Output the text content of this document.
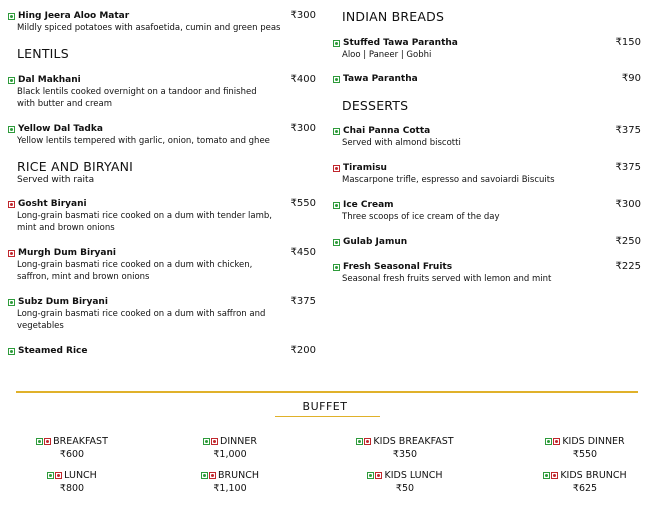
Hing Jeera Aloo Matar	₹300
Mildly spiced potatoes with asafoetida, cumin and green peas
LENTILS
Dal Makhani	₹400
Black lentils cooked overnight on a tandoor and finished
with butter and cream
Yellow Dal Tadka	₹300
Yellow lentils tempered with garlic, onion, tomato and ghee
RICE AND BIRYANI
Served with raita
Gosht Biryani	₹550
Long-grain basmati rice cooked on a dum with tender lamb,
mint and brown onions
Murgh Dum Biryani	₹450
Long-grain basmati rice cooked on a dum with chicken,
saffron, mint and brown onions
Subz Dum Biryani	₹375
Long-grain basmati rice cooked on a dum with saffron and
vegetables
Steamed Rice	₹200
INDIAN BREADS
Stuffed Tawa Parantha	₹150
Aloo | Paneer | Gobhi
Tawa Parantha	₹90
DESSERTS
Chai Panna Cotta	₹375
Served with almond biscotti
Tiramisu	₹375
Mascarpone trifle, espresso and savoiardi Biscuits
Ice Cream	₹300
Three scoops of ice cream of the day
Gulab Jamun	₹250
Fresh Seasonal Fruits	₹225
Seasonal fresh fruits served with lemon and mint
BUFFET
BREAKFAST
₹600
DINNER
₹1,000
KIDS BREAKFAST
₹350
KIDS DINNER
₹550
LUNCH
₹800
BRUNCH
₹1,100
KIDS LUNCH
₹50
KIDS BRUNCH
₹625
